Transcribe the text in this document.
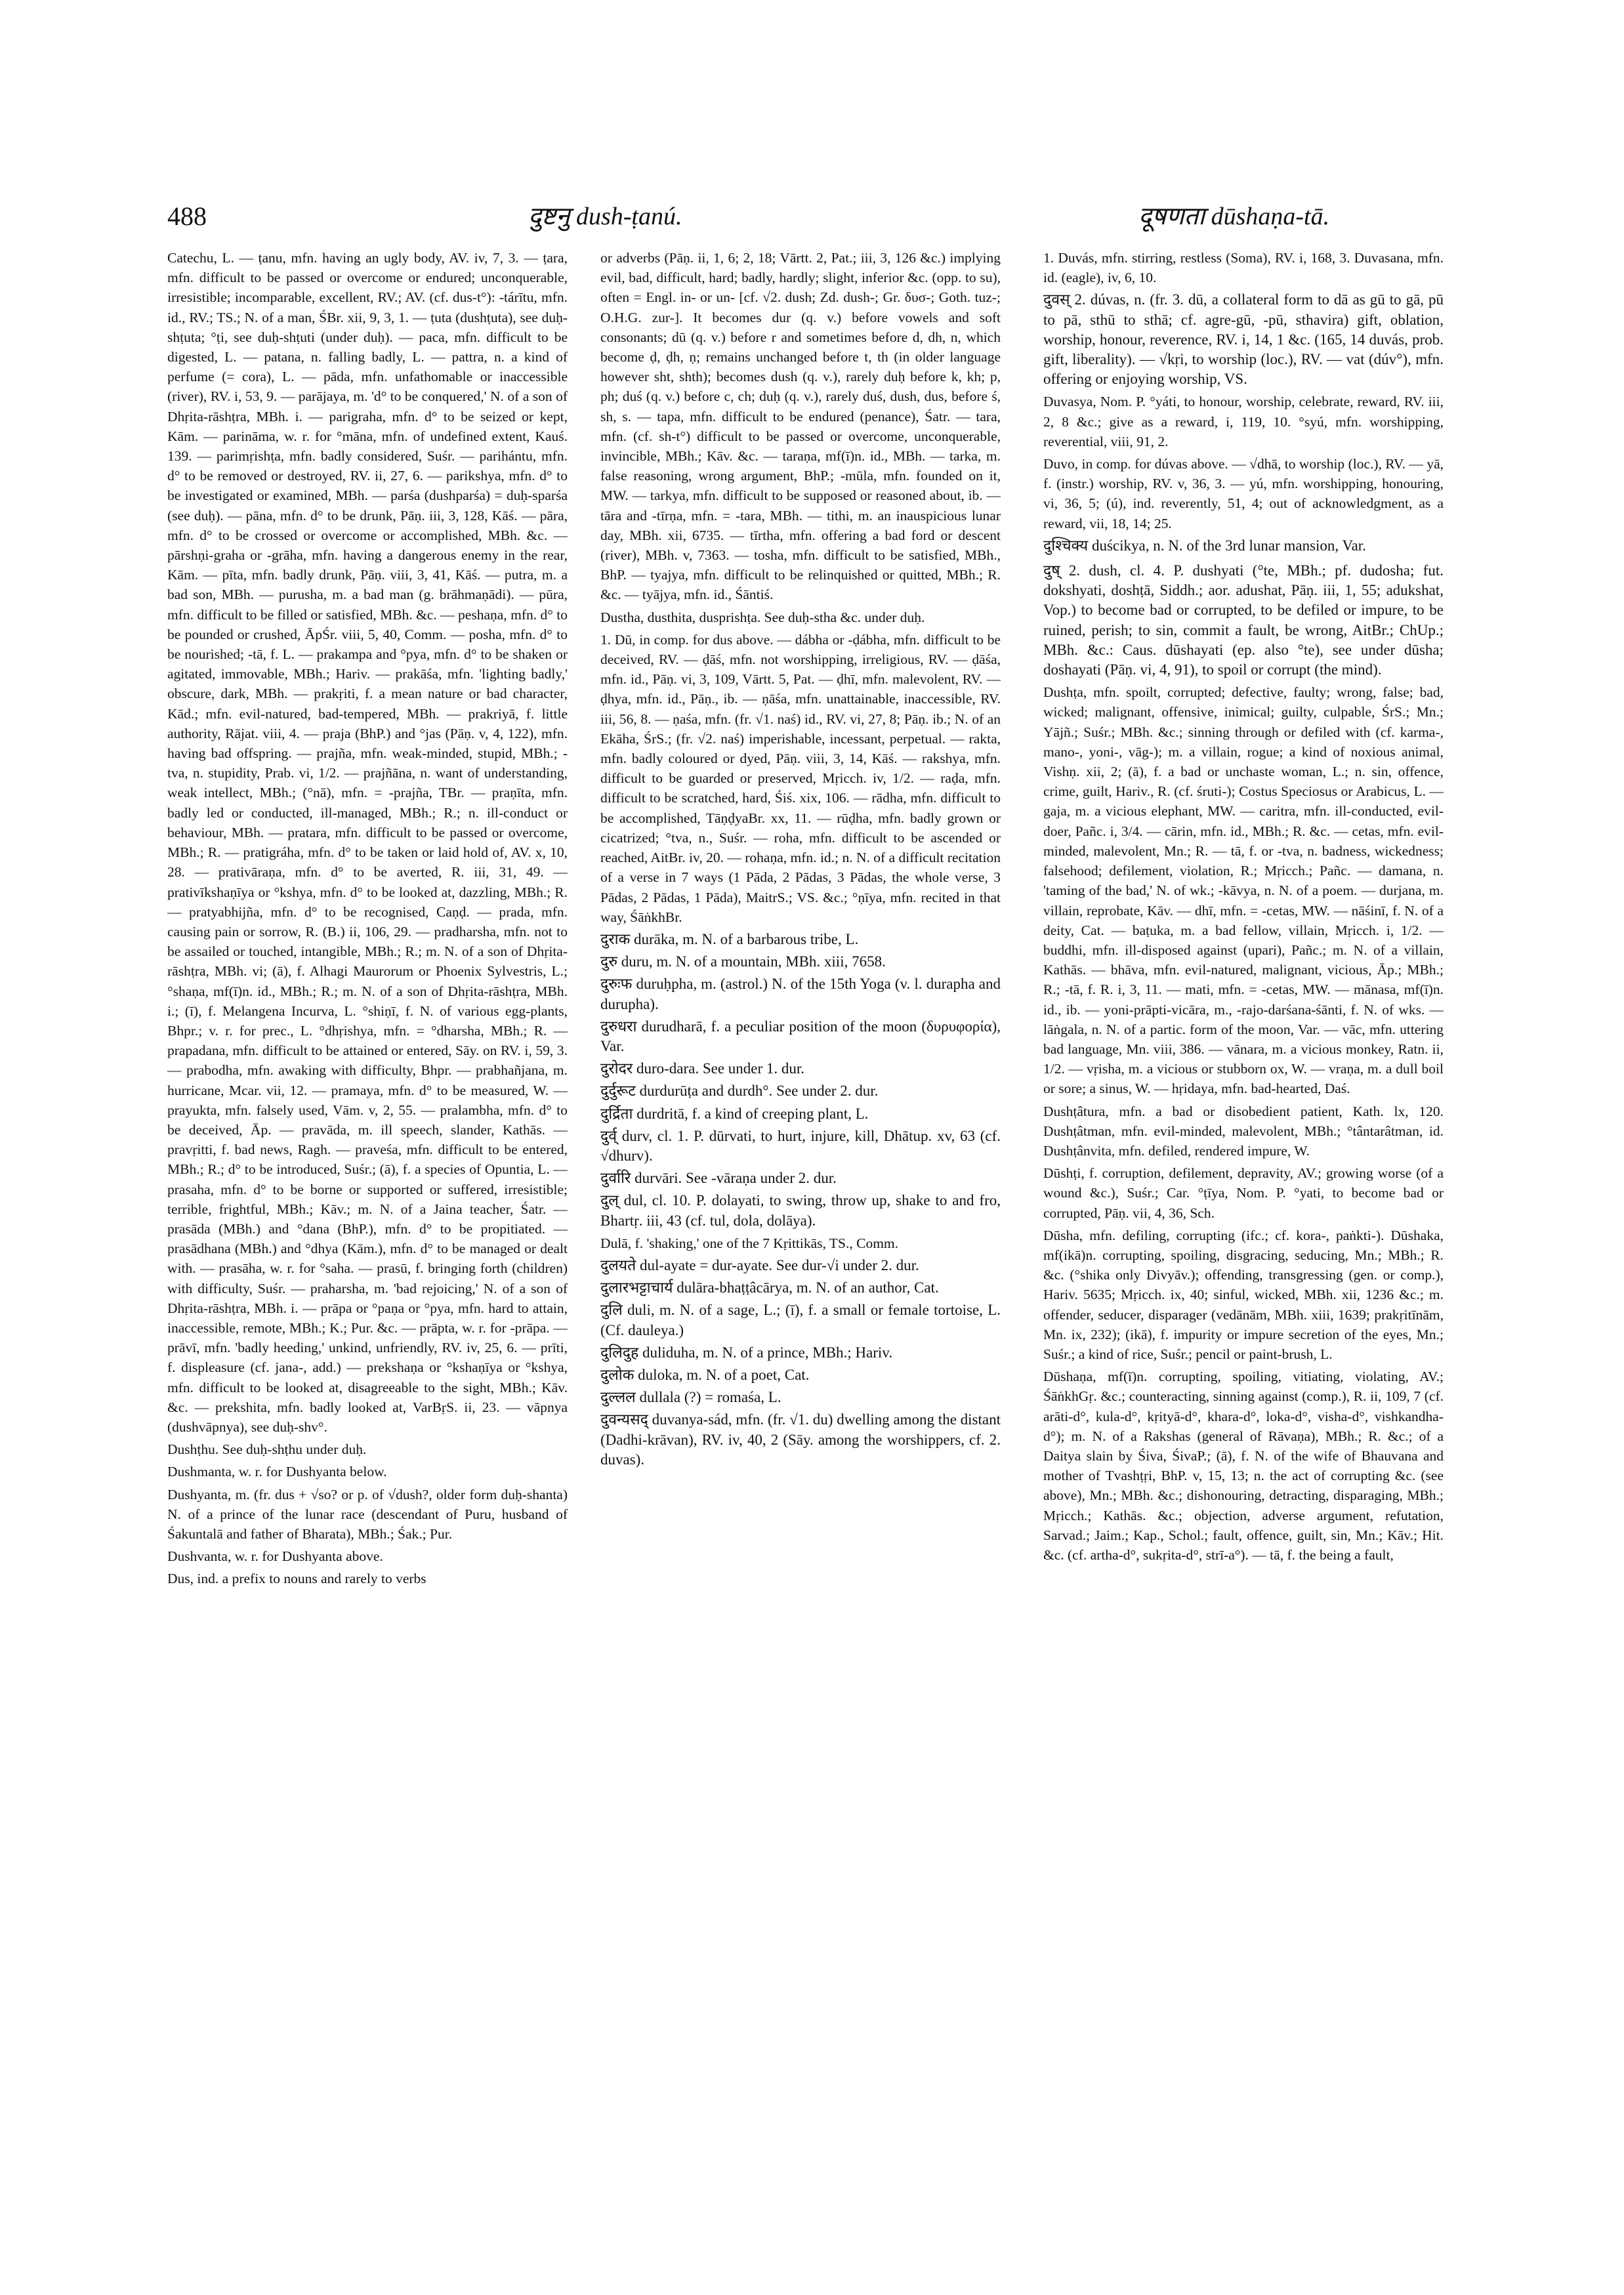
488	दुष्टनु dush-ṭanú.	दूषणता dūshaṇa-tā.

Catechu, L. — ṭanu, mfn. having an ugly body, AV. iv, 7, 3. — ṭara, mfn. difficult to be passed or overcome or endured; unconquerable, irresistible; incomparable, excellent, RV.; AV. (cf. dus-t°): -tárītu, mfn. id., RV.; TS.; N. of a man, ŚBr. xii, 9, 3, 1. — ṭuta (dushṭuta), see duḥ-shṭuta; °ṭi, see duḥ-shṭuti (under duḥ). — paca, mfn. difficult to be digested, L. — patana, n. falling badly, L. — pattra, n. a kind of perfume (= cora), L. — pāda, mfn. unfathomable or inaccessible (river), RV. i, 53, 9. — parājaya, m. 'd° to be conquered,' N. of a son of Dhṛita-rāshṭra, MBh. i. — parigraha, mfn. d° to be seized or kept, Kām. — parināma, w. r. for °māna, mfn. of undefined extent, Kauś. 139. — parimṛishṭa, mfn. badly considered, Suśr. — parihántu, mfn. d° to be removed or destroyed, RV. ii, 27, 6. — parikshya, mfn. d° to be investigated or examined, MBh. — parśa (dushparśa) = duḥ-sparśa (see duḥ). — pāna, mfn. d° to be drunk, Pāṇ. iii, 3, 128, Kāś. — pāra, mfn. d° to be crossed or overcome or accomplished, MBh. &c. — pārshṇi-graha or -grāha, mfn. having a dangerous enemy in the rear, Kām. — pīta, mfn. badly drunk, Pāṇ. viii, 3, 41, Kāś. — putra, m. a bad son, MBh. — purusha, m. a bad man (g. brāhmaṇādi). — pūra, mfn. difficult to be filled or satisfied, MBh. &c. — peshaṇa, mfn. d° to be pounded or crushed, ĀpŚr. viii, 5, 40, Comm. — posha, mfn. d° to be nourished; -tā, f. L. — prakampa and °pya, mfn. d° to be shaken or agitated, immovable, MBh.; Hariv. — prakāśa, mfn. 'lighting badly,' obscure, dark, MBh. — prakṛiti, f. a mean nature or bad character, Kād.; mfn. evil-natured, bad-tempered, MBh. — prakriyā, f. little authority, Rājat. viii, 4. — praja (BhP.) and °jas (Pāṇ. v, 4, 122), mfn. having bad offspring. — prajña, mfn. weak-minded, stupid, MBh.; -tva, n. stupidity, Prab. vi, 1/2. — prajñāna, n. want of understanding, weak intellect, MBh.; (°nā), mfn. = -prajña, TBr. — praṇīta, mfn. badly led or conducted, ill-managed, MBh.; R.; n. ill-conduct or behaviour, MBh. — pratara, mfn. difficult to be passed or overcome, MBh.; R. — pratigráha, mfn. d° to be taken or laid hold of, AV. x, 10, 28. — prativāraṇa, mfn. d° to be averted, R. iii, 31, 49. — prativīkshaṇīya or °kshya, mfn. d° to be looked at, dazzling, MBh.; R. — pratyabhijña, mfn. d° to be recognised, Caṇḍ. — prada, mfn. causing pain or sorrow, R. (B.) ii, 106, 29. — pradharsha, mfn. not to be assailed or touched, intangible, MBh.; R.; m. N. of a son of Dhṛita-rāshṭra, MBh. vi; (ā), f. Alhagi Maurorum or Phoenix Sylvestris, L.; °shaṇa, mf(ī)n. id., MBh.; R.; m. N. of a son of Dhṛita-rāshṭra, MBh. i.; (ī), f. Melangena Incurva, L. °shiṇī, f. N. of various egg-plants, Bhpr.; v. r. for prec., L. °dhṛishya, mfn. = °dharsha, MBh.; R. — prapadana, mfn. difficult to be attained or entered, Sāy. on RV. i, 59, 3. — prabodha, mfn. awaking with difficulty, Bhpr. — prabhañjana, m. hurricane, Mcar. vii, 12. — pramaya, mfn. d° to be measured, W. — prayukta, mfn. falsely used, Vām. v, 2, 55. — pralambha, mfn. d° to be deceived, Āp. — pravāda, m. ill speech, slander, Kathās. — pravṛitti, f. bad news, Ragh. — praveśa, mfn. difficult to be entered, MBh.; R.; d° to be introduced, Suśr.; (ā), f. a species of Opuntia, L. — prasaha, mfn. d° to be borne or supported or suffered, irresistible; terrible, frightful, MBh.; Kāv.; m. N. of a Jaina teacher, Śatr. — prasāda (MBh.) and °dana (BhP.), mfn. d° to be propitiated. — prasādhana (MBh.) and °dhya (Kām.), mfn. d° to be managed or dealt with. — prasāha, w. r. for °saha. — prasū, f. bringing forth (children) with difficulty, Suśr. — praharsha, m. 'bad rejoicing,' N. of a son of Dhṛita-rāshṭra, MBh. i. — prāpa or °paṇa or °pya, mfn. hard to attain, inaccessible, remote, MBh.; K.; Pur. &c. — prāpta, w. r. for -prāpa. — prāvī, mfn. 'badly heeding,' unkind, unfriendly, RV. iv, 25, 6. — prīti, f. displeasure (cf. jana-, add.) — prekshaṇa or °kshaṇīya or °kshya, mfn. difficult to be looked at, disagreeable to the sight, MBh.; Kāv. &c. — prekshita, mfn. badly looked at, VarBṛS. ii, 23. — vāpnya (dushvāpnya), see duḥ-shv°.

Dushṭhu. See duḥ-shṭhu under duḥ.

Dushmanta, w. r. for Dushyanta below.

Dushyanta, m. (fr. dus + √so? or p. of √dush?, older form duḥ-shanta) N. of a prince of the lunar race (descendant of Puru, husband of Śakuntalā and father of Bharata), MBh.; Śak.; Pur.

Dushvanta, w. r. for Dushyanta above.

Dus, ind. a prefix to nouns and rarely to verbs

or adverbs (Pāṇ. ii, 1, 6; 2, 18; Vārtt. 2, Pat.; iii, 3, 126 &c.) implying evil, bad, difficult, hard; badly, hardly; slight, inferior &c. (opp. to su), often = Engl. in- or un- [cf. √2. dush; Zd. dush-; Gr. δυσ-; Goth. tuz-; O.H.G. zur-]. It becomes dur (q. v.) before vowels and soft consonants; dū (q. v.) before r and sometimes before d, dh, n, which become ḍ, ḍh, ṇ; remains unchanged before t, th (in older language however sht, shth); becomes dush (q. v.), rarely duḥ before k, kh; p, ph; duś (q. v.) before c, ch; duḥ (q. v.), rarely duś, dush, dus, before ś, sh, s. — tapa, mfn. difficult to be endured (penance), Śatr. — tara, mfn. (cf. sh-t°) difficult to be passed or overcome, unconquerable, invincible, MBh.; Kāv. &c. — taraṇa, mf(ī)n. id., MBh. — tarka, m. false reasoning, wrong argument, BhP.; -mūla, mfn. founded on it, MW. — tarkya, mfn. difficult to be supposed or reasoned about, ib. — tāra and -tīrṇa, mfn. = -tara, MBh. — tithi, m. an inauspicious lunar day, MBh. xii, 6735. — tīrtha, mfn. offering a bad ford or descent (river), MBh. v, 7363. — tosha, mfn. difficult to be satisfied, MBh., BhP. — tyajya, mfn. difficult to be relinquished or quitted, MBh.; R. &c. — tyājya, mfn. id., Śāntiś.

Dustha, dusthita, dusprishṭa. See duḥ-stha &c. under duḥ.

1. Dū, in comp. for dus above. — dábha or -ḍábha, mfn. difficult to be deceived, RV. — ḍāś, mfn. not worshipping, irreligious, RV. — ḍāśa, mfn. id., Pāṇ. vi, 3, 109, Vārtt. 5, Pat. — ḍhī, mfn. malevolent, RV. — ḍhya, mfn. id., Pāṇ., ib. — ṇāśa, mfn. unattainable, inaccessible, RV. iii, 56, 8. — ṇaśa, mfn. (fr. √1. naś) id., RV. vi, 27, 8; Pāṇ. ib.; N. of an Ekāha, ŚrS.; (fr. √2. naś) imperishable, incessant, perpetual. — rakta, mfn. badly coloured or dyed, Pāṇ. viii, 3, 14, Kāś. — rakshya, mfn. difficult to be guarded or preserved, Mṛicch. iv, 1/2. — raḍa, mfn. difficult to be scratched, hard, Śiś. xix, 106. — rādha, mfn. difficult to be accomplished, TāṇḍyaBr. xx, 11. — rūḍha, mfn. badly grown or cicatrized; °tva, n., Suśr. — roha, mfn. difficult to be ascended or reached, AitBr. iv, 20. — rohaṇa, mfn. id.; n. N. of a difficult recitation of a verse in 7 ways (1 Pāda, 2 Pādas, 3 Pādas, the whole verse, 3 Pādas, 2 Pādas, 1 Pāda), MaitrS.; VS. &c.; °ṇīya, mfn. recited in that way, ŚāṅkhBr.

दुराक durāka, m. N. of a barbarous tribe, L.

दुरु duru, m. N. of a mountain, MBh. xiii, 7658.

दुरुःफ duruḥpha, m. (astrol.) N. of the 15th Yoga (v. l. durapha and durupha).

दुरुधरा durudharā, f. a peculiar position of the moon (δυρυφορία), Var.

दुरोदर duro-dara. See under 1. dur.

दुर्दुरूट durdurūṭa and durdh°. See under 2. dur.

दुर्द्रिता durdritā, f. a kind of creeping plant, L.

दुर्व् durv, cl. 1. P. dūrvati, to hurt, injure, kill, Dhātup. xv, 63 (cf. √dhurv).

दुर्वारि durvāri. See -vāraṇa under 2. dur.

दुल् dul, cl. 10. P. dolayati, to swing, throw up, shake to and fro, Bhartṛ. iii, 43 (cf. tul, dola, dolāya).

Dulā, f. 'shaking,' one of the 7 Kṛittikās, TS., Comm.

दुलयते dul-ayate = dur-ayate. See dur-√i under 2. dur.

दुलारभट्टाचार्य dulāra-bhaṭṭâcārya, m. N. of an author, Cat.

दुलि duli, m. N. of a sage, L.; (ī), f. a small or female tortoise, L. (Cf. dauleya.)

दुलिदुह duliduha, m. N. of a prince, MBh.; Hariv.

दुलोक duloka, m. N. of a poet, Cat.

दुल्लल dullala (?) = romaśa, L.

दुवन्यसद् duvanya-sád, mfn. (fr. √1. du) dwelling among the distant (Dadhi-krāvan), RV. iv, 40, 2 (Sāy. among the worshippers, cf. 2. duvas).

1. Duvás, mfn. stirring, restless (Soma), RV. i, 168, 3. Duvasana, mfn. id. (eagle), iv, 6, 10.

दुवस् 2. dúvas, n. (fr. 3. dū, a collateral form to dā as gū to gā, pū to pā, sthū to sthā; cf. agre-gū, -pū, sthavira) gift, oblation, worship, honour, reverence, RV. i, 14, 1 &c. (165, 14 duvás, prob. gift, liberality). — √kṛi, to worship (loc.), RV. — vat (dúv°), mfn. offering or enjoying worship, VS.

Duvasya, Nom. P. °yáti, to honour, worship, celebrate, reward, RV. iii, 2, 8 &c.; give as a reward, i, 119, 10. °syú, mfn. worshipping, reverential, viii, 91, 2.

Duvo, in comp. for dúvas above. — √dhā, to worship (loc.), RV. — yā, f. (instr.) worship, RV. v, 36, 3. — yú, mfn. worshipping, honouring, vi, 36, 5; (ú), ind. reverently, 51, 4; out of acknowledgment, as a reward, vii, 18, 14; 25.

दुश्चिक्य duścikya, n. N. of the 3rd lunar mansion, Var.

दुष् 2. dush, cl. 4. P. dushyati (°te, MBh.; pf. dudosha; fut. dokshyati, doshṭā, Siddh.; aor. adushat, Pāṇ. iii, 1, 55; adukshat, Vop.) to become bad or corrupted, to be defiled or impure, to be ruined, perish; to sin, commit a fault, be wrong, AitBr.; ChUp.; MBh. &c.: Caus. dūshayati (ep. also °te), see under dūsha; doshayati (Pāṇ. vi, 4, 91), to spoil or corrupt (the mind).

Dushṭa, mfn. spoilt, corrupted; defective, faulty; wrong, false; bad, wicked; malignant, offensive, inimical; guilty, culpable, ŚrS.; Mn.; Yājñ.; Suśr.; MBh. &c.; sinning through or defiled with (cf. karma-, mano-, yoni-, vāg-); m. a villain, rogue; a kind of noxious animal, Vishṇ. xii, 2; (ā), f. a bad or unchaste woman, L.; n. sin, offence, crime, guilt, Hariv., R. (cf. śruti-); Costus Speciosus or Arabicus, L. — gaja, m. a vicious elephant, MW. — caritra, mfn. ill-conducted, evil-doer, Pañc. i, 3/4. — cārin, mfn. id., MBh.; R. &c. — cetas, mfn. evil-minded, malevolent, Mn.; R. — tā, f. or -tva, n. badness, wickedness; falsehood; defilement, violation, R.; Mṛicch.; Pañc. — damana, n. 'taming of the bad,' N. of wk.; -kāvya, n. N. of a poem. — durjana, m. villain, reprobate, Kāv. — dhī, mfn. = -cetas, MW. — nāśinī, f. N. of a deity, Cat. — baṭuka, m. a bad fellow, villain, Mṛicch. i, 1/2. — buddhi, mfn. ill-disposed against (upari), Pañc.; m. N. of a villain, Kathās. — bhāva, mfn. evil-natured, malignant, vicious, Āp.; MBh.; R.; -tā, f. R. i, 3, 11. — mati, mfn. = -cetas, MW. — mānasa, mf(ī)n. id., ib. — yoni-prāpti-vicāra, m., -rajo-darśana-śānti, f. N. of wks. — lāṅgala, n. N. of a partic. form of the moon, Var. — vāc, mfn. uttering bad language, Mn. viii, 386. — vānara, m. a vicious monkey, Ratn. ii, 1/2. — vṛisha, m. a vicious or stubborn ox, W. — vraṇa, m. a dull boil or sore; a sinus, W. — hṛidaya, mfn. bad-hearted, Daś.

Dushṭâtura, mfn. a bad or disobedient patient, Kath. lx, 120. Dushṭâtman, mfn. evil-minded, malevolent, MBh.; °tântarâtman, id. Dushṭânvita, mfn. defiled, rendered impure, W.

Dūshṭi, f. corruption, defilement, depravity, AV.; growing worse (of a wound &c.), Suśr.; Car. °ṭīya, Nom. P. °yati, to become bad or corrupted, Pāṇ. vii, 4, 36, Sch.

Dūsha, mfn. defiling, corrupting (ifc.; cf. kora-, paṅkti-). Dūshaka, mf(ikā)n. corrupting, spoiling, disgracing, seducing, Mn.; MBh.; R. &c. (°shika only Divyāv.); offending, transgressing (gen. or comp.), Hariv. 5635; Mṛicch. ix, 40; sinful, wicked, MBh. xii, 1236 &c.; m. offender, seducer, disparager (vedānām, MBh. xiii, 1639; prakṛitīnām, Mn. ix, 232); (ikā), f. impurity or impure secretion of the eyes, Mn.; Suśr.; a kind of rice, Suśr.; pencil or paint-brush, L.

Dūshaṇa, mf(ī)n. corrupting, spoiling, vitiating, violating, AV.; ŚāṅkhGṛ. &c.; counteracting, sinning against (comp.), R. ii, 109, 7 (cf. arāti-d°, kula-d°, kṛityā-d°, khara-d°, loka-d°, visha-d°, vishkandha-d°); m. N. of a Rakshas (general of Rāvaṇa), MBh.; R. &c.; of a Daitya slain by Śiva, ŚivaP.; (ā), f. N. of the wife of Bhauvana and mother of Tvashṭṛi, BhP. v, 15, 13; n. the act of corrupting &c. (see above), Mn.; MBh. &c.; dishonouring, detracting, disparaging, MBh.; Mṛicch.; Kathās. &c.; objection, adverse argument, refutation, Sarvad.; Jaim.; Kap., Schol.; fault, offence, guilt, sin, Mn.; Kāv.; Hit. &c. (cf. artha-d°, sukṛita-d°, strī-a°). — tā, f. the being a fault,
